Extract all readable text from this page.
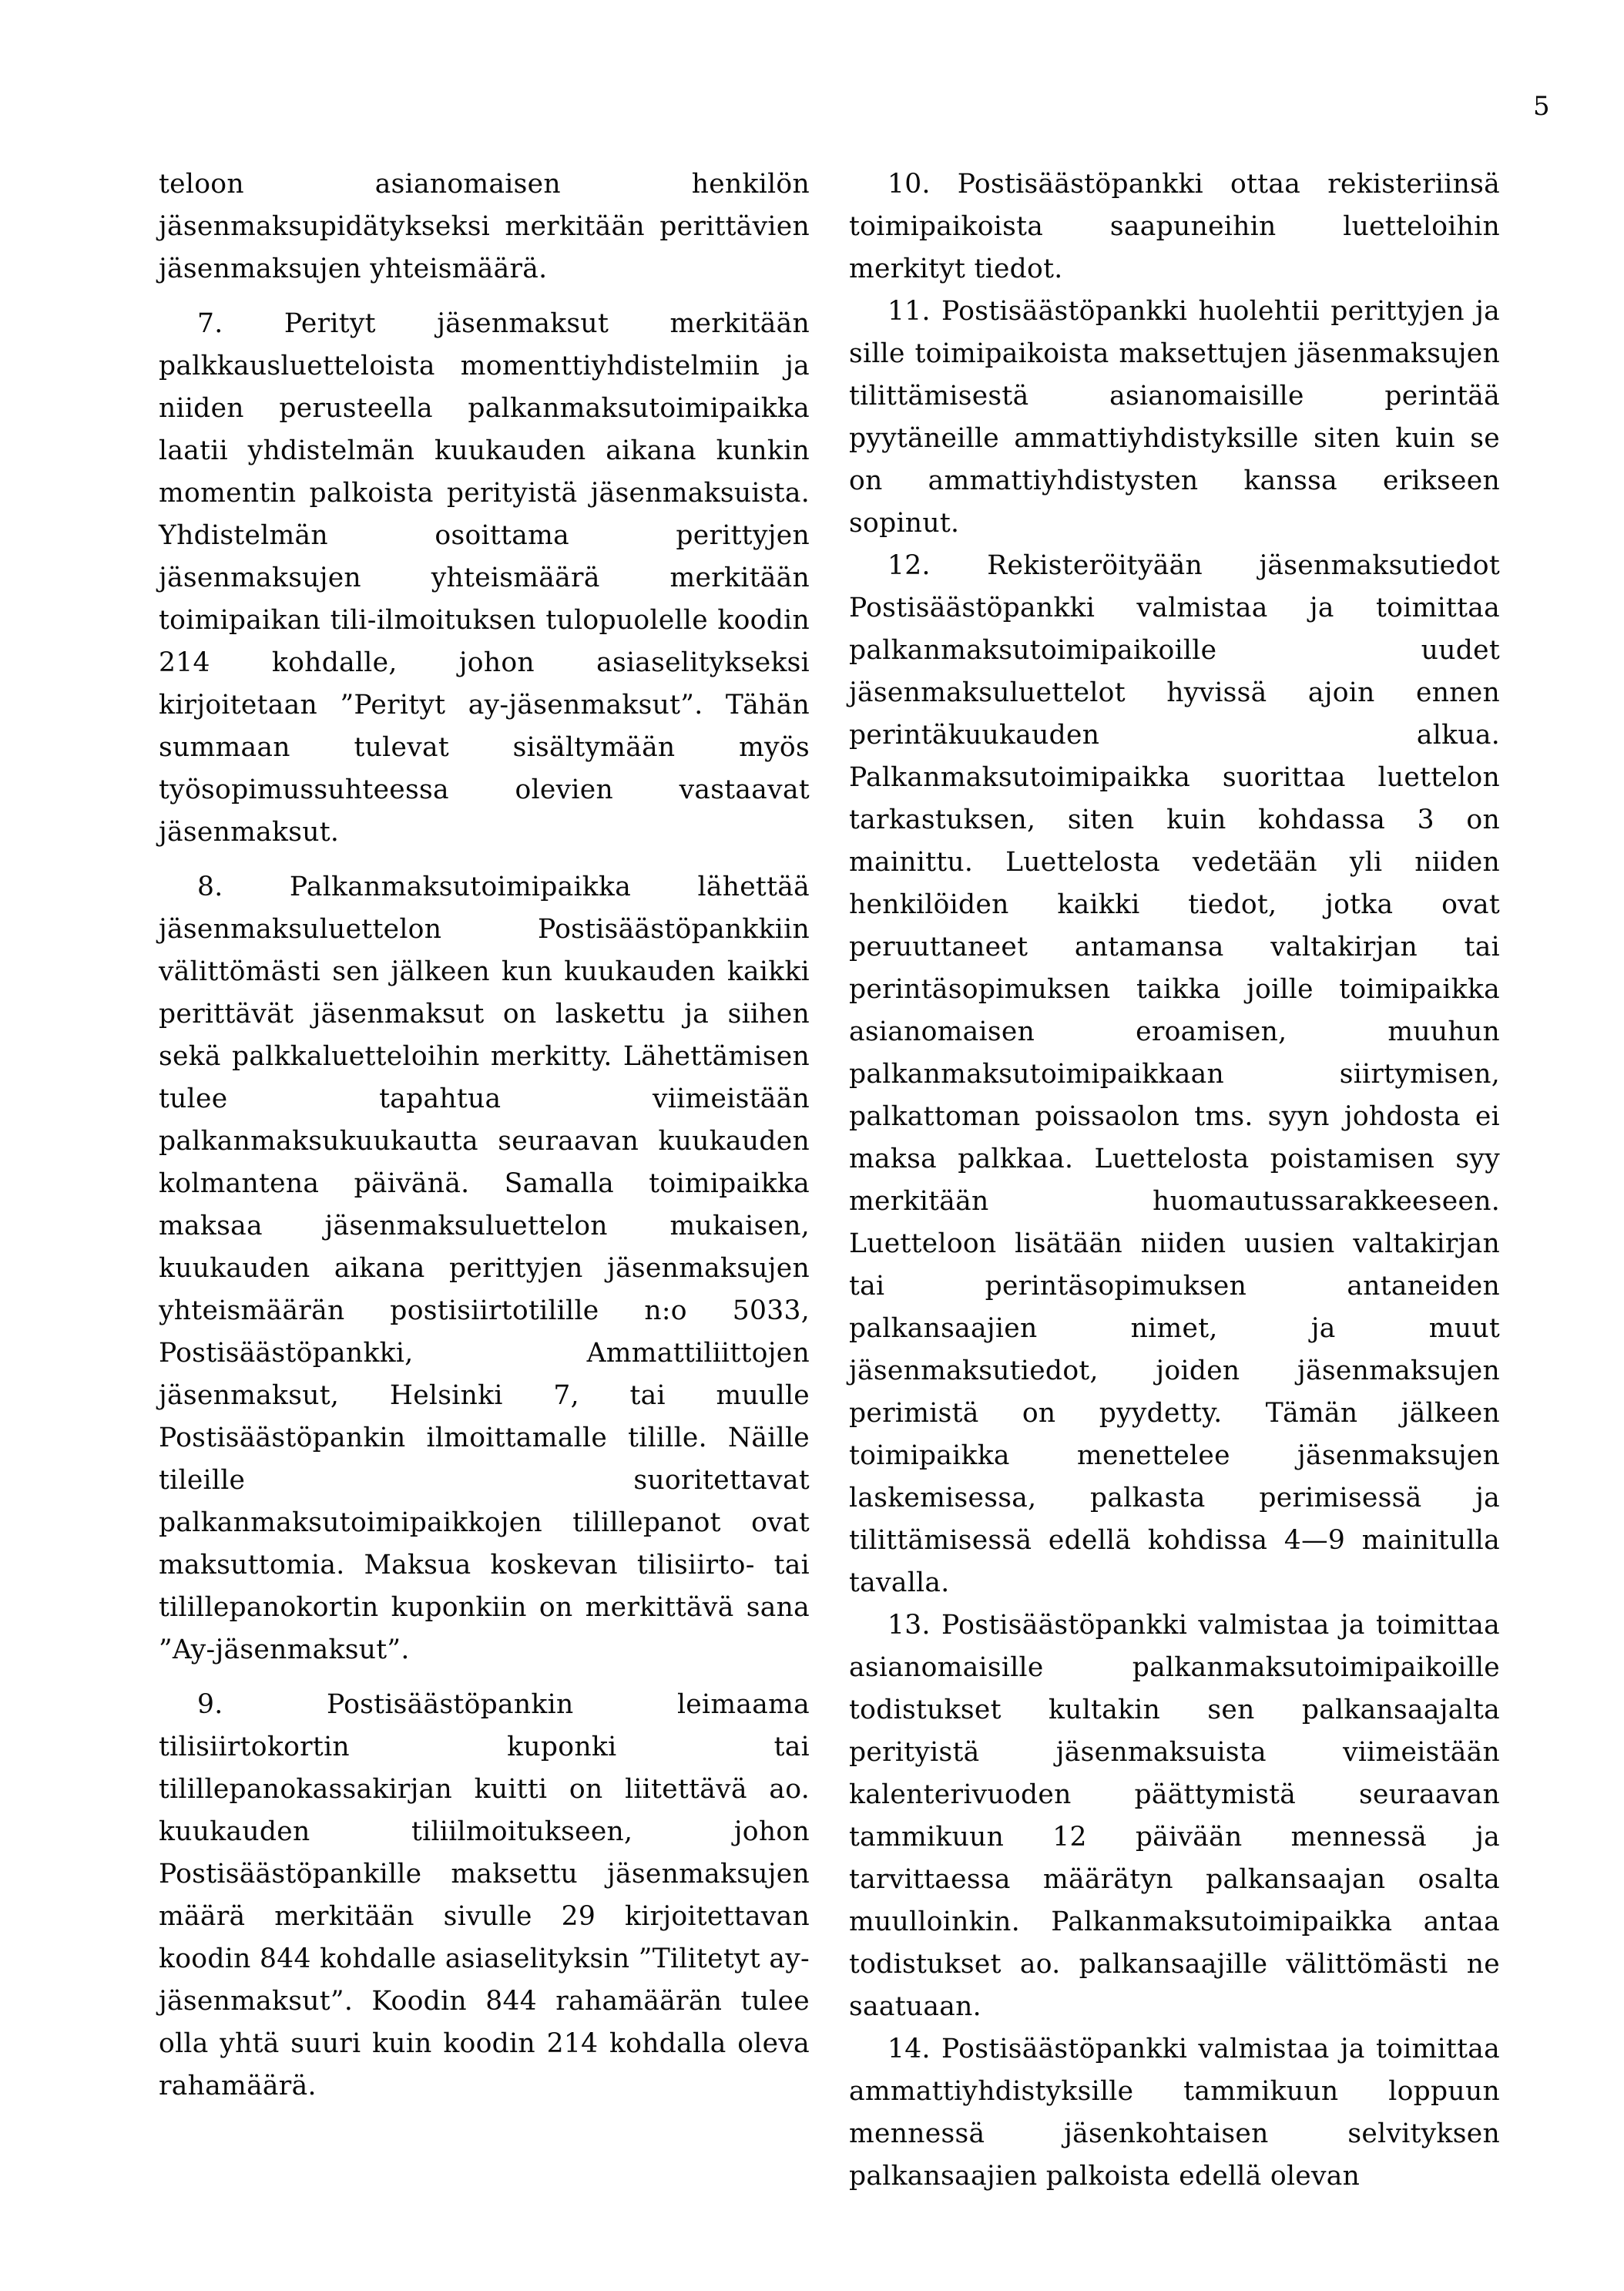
5

teloon asianomaisen henkilön jäsenmaksupidätykseksi merkitään perittävien jäsenmaksujen yhteismäärä.

7. Perityt jäsenmaksut merkitään palkkausluetteloista momenttiyhdistelmiin ja niiden perusteella palkanmaksutoimipaikka laatii yhdistelmän kuukauden aikana kunkin momentin palkoista perityistä jäsenmaksuista. Yhdistelmän osoittama perittyjen jäsenmaksujen yhteismäärä merkitään toimipaikan tili-ilmoituksen tulopuolelle koodin 214 kohdalle, johon asiaselitykseksi kirjoitetaan ”Perityt ay-jäsenmaksut”. Tähän summaan tulevat sisältymään myös työsopimussuhteessa olevien vastaavat jäsenmaksut.

8. Palkanmaksutoimipaikka lähettää jäsenmaksuluettelon Postisäästöpankkiin välittömästi sen jälkeen kun kuukauden kaikki perittävät jäsenmaksut on laskettu ja siihen sekä palkkaluetteloihin merkitty. Lähettämisen tulee tapahtua viimeistään palkanmaksukuukautta seuraavan kuukauden kolmantena päivänä. Samalla toimipaikka maksaa jäsenmaksuluettelon mukaisen, kuukauden aikana perittyjen jäsenmaksujen yhteismäärän postisiirtotilille n:o 5033, Postisäästöpankki, Ammattiliittojen jäsenmaksut, Helsinki 7, tai muulle Postisäästöpankin ilmoittamalle tilille. Näille tileille suoritettavat palkanmaksutoimipaikkojen tilillepanot ovat maksuttomia. Maksua koskevan tilisiirto- tai tilillepanokortin kuponkiin on merkittävä sana ”Ay-jäsenmaksut”.

9. Postisäästöpankin leimaama tilisiirtokortin kuponki tai tilillepanokassakirjan kuitti on liitettävä ao. kuukauden tiliilmoitukseen, johon Postisäästöpankille maksettu jäsenmaksujen määrä merkitään sivulle 29 kirjoitettavan koodin 844 kohdalle asiaselityksin ”Tilitetyt ay-jäsenmaksut”. Koodin 844 rahamäärän tulee olla yhtä suuri kuin koodin 214 kohdalla oleva rahamäärä.

10. Postisäästöpankki ottaa rekisteriinsä toimipaikoista saapuneihin luetteloihin merkityt tiedot.

11. Postisäästöpankki huolehtii perittyjen ja sille toimipaikoista maksettujen jäsenmaksujen tilittämisestä asianomaisille perintää pyytäneille ammattiyhdistyksille siten kuin se on ammattiyhdistysten kanssa erikseen sopinut.

12. Rekisteröityään jäsenmaksutiedot Postisäästöpankki valmistaa ja toimittaa palkanmaksutoimipaikoille uudet jäsenmaksuluettelot hyvissä ajoin ennen perintäkuukauden alkua. Palkanmaksutoimipaikka suorittaa luettelon tarkastuksen, siten kuin kohdassa 3 on mainittu. Luettelosta vedetään yli niiden henkilöiden kaikki tiedot, jotka ovat peruuttaneet antamansa valtakirjan tai perintäsopimuksen taikka joille toimipaikka asianomaisen eroamisen, muuhun palkanmaksutoimipaikkaan siirtymisen, palkattoman poissaolon tms. syyn johdosta ei maksa palkkaa. Luettelosta poistamisen syy merkitään huomautussarakkeeseen. Luetteloon lisätään niiden uusien valtakirjan tai perintäsopimuksen antaneiden palkansaajien nimet, ja muut jäsenmaksutiedot, joiden jäsenmaksujen perimistä on pyydetty. Tämän jälkeen toimipaikka menettelee jäsenmaksujen laskemisessa, palkasta perimisessä ja tilittämisessä edellä kohdissa 4—9 mainitulla tavalla.

13. Postisäästöpankki valmistaa ja toimittaa asianomaisille palkanmaksutoimipaikoille todistukset kultakin sen palkansaajalta perityistä jäsenmaksuista viimeistään kalenterivuoden päättymistä seuraavan tammikuun 12 päivään mennessä ja tarvittaessa määrätyn palkansaajan osalta muulloinkin. Palkanmaksutoimipaikka antaa todistukset ao. palkansaajille välittömästi ne saatuaan.

14. Postisäästöpankki valmistaa ja toimittaa ammattiyhdistyksille tammikuun loppuun mennessä jäsenkohtaisen selvityksen palkansaajien palkoista edellä olevan
